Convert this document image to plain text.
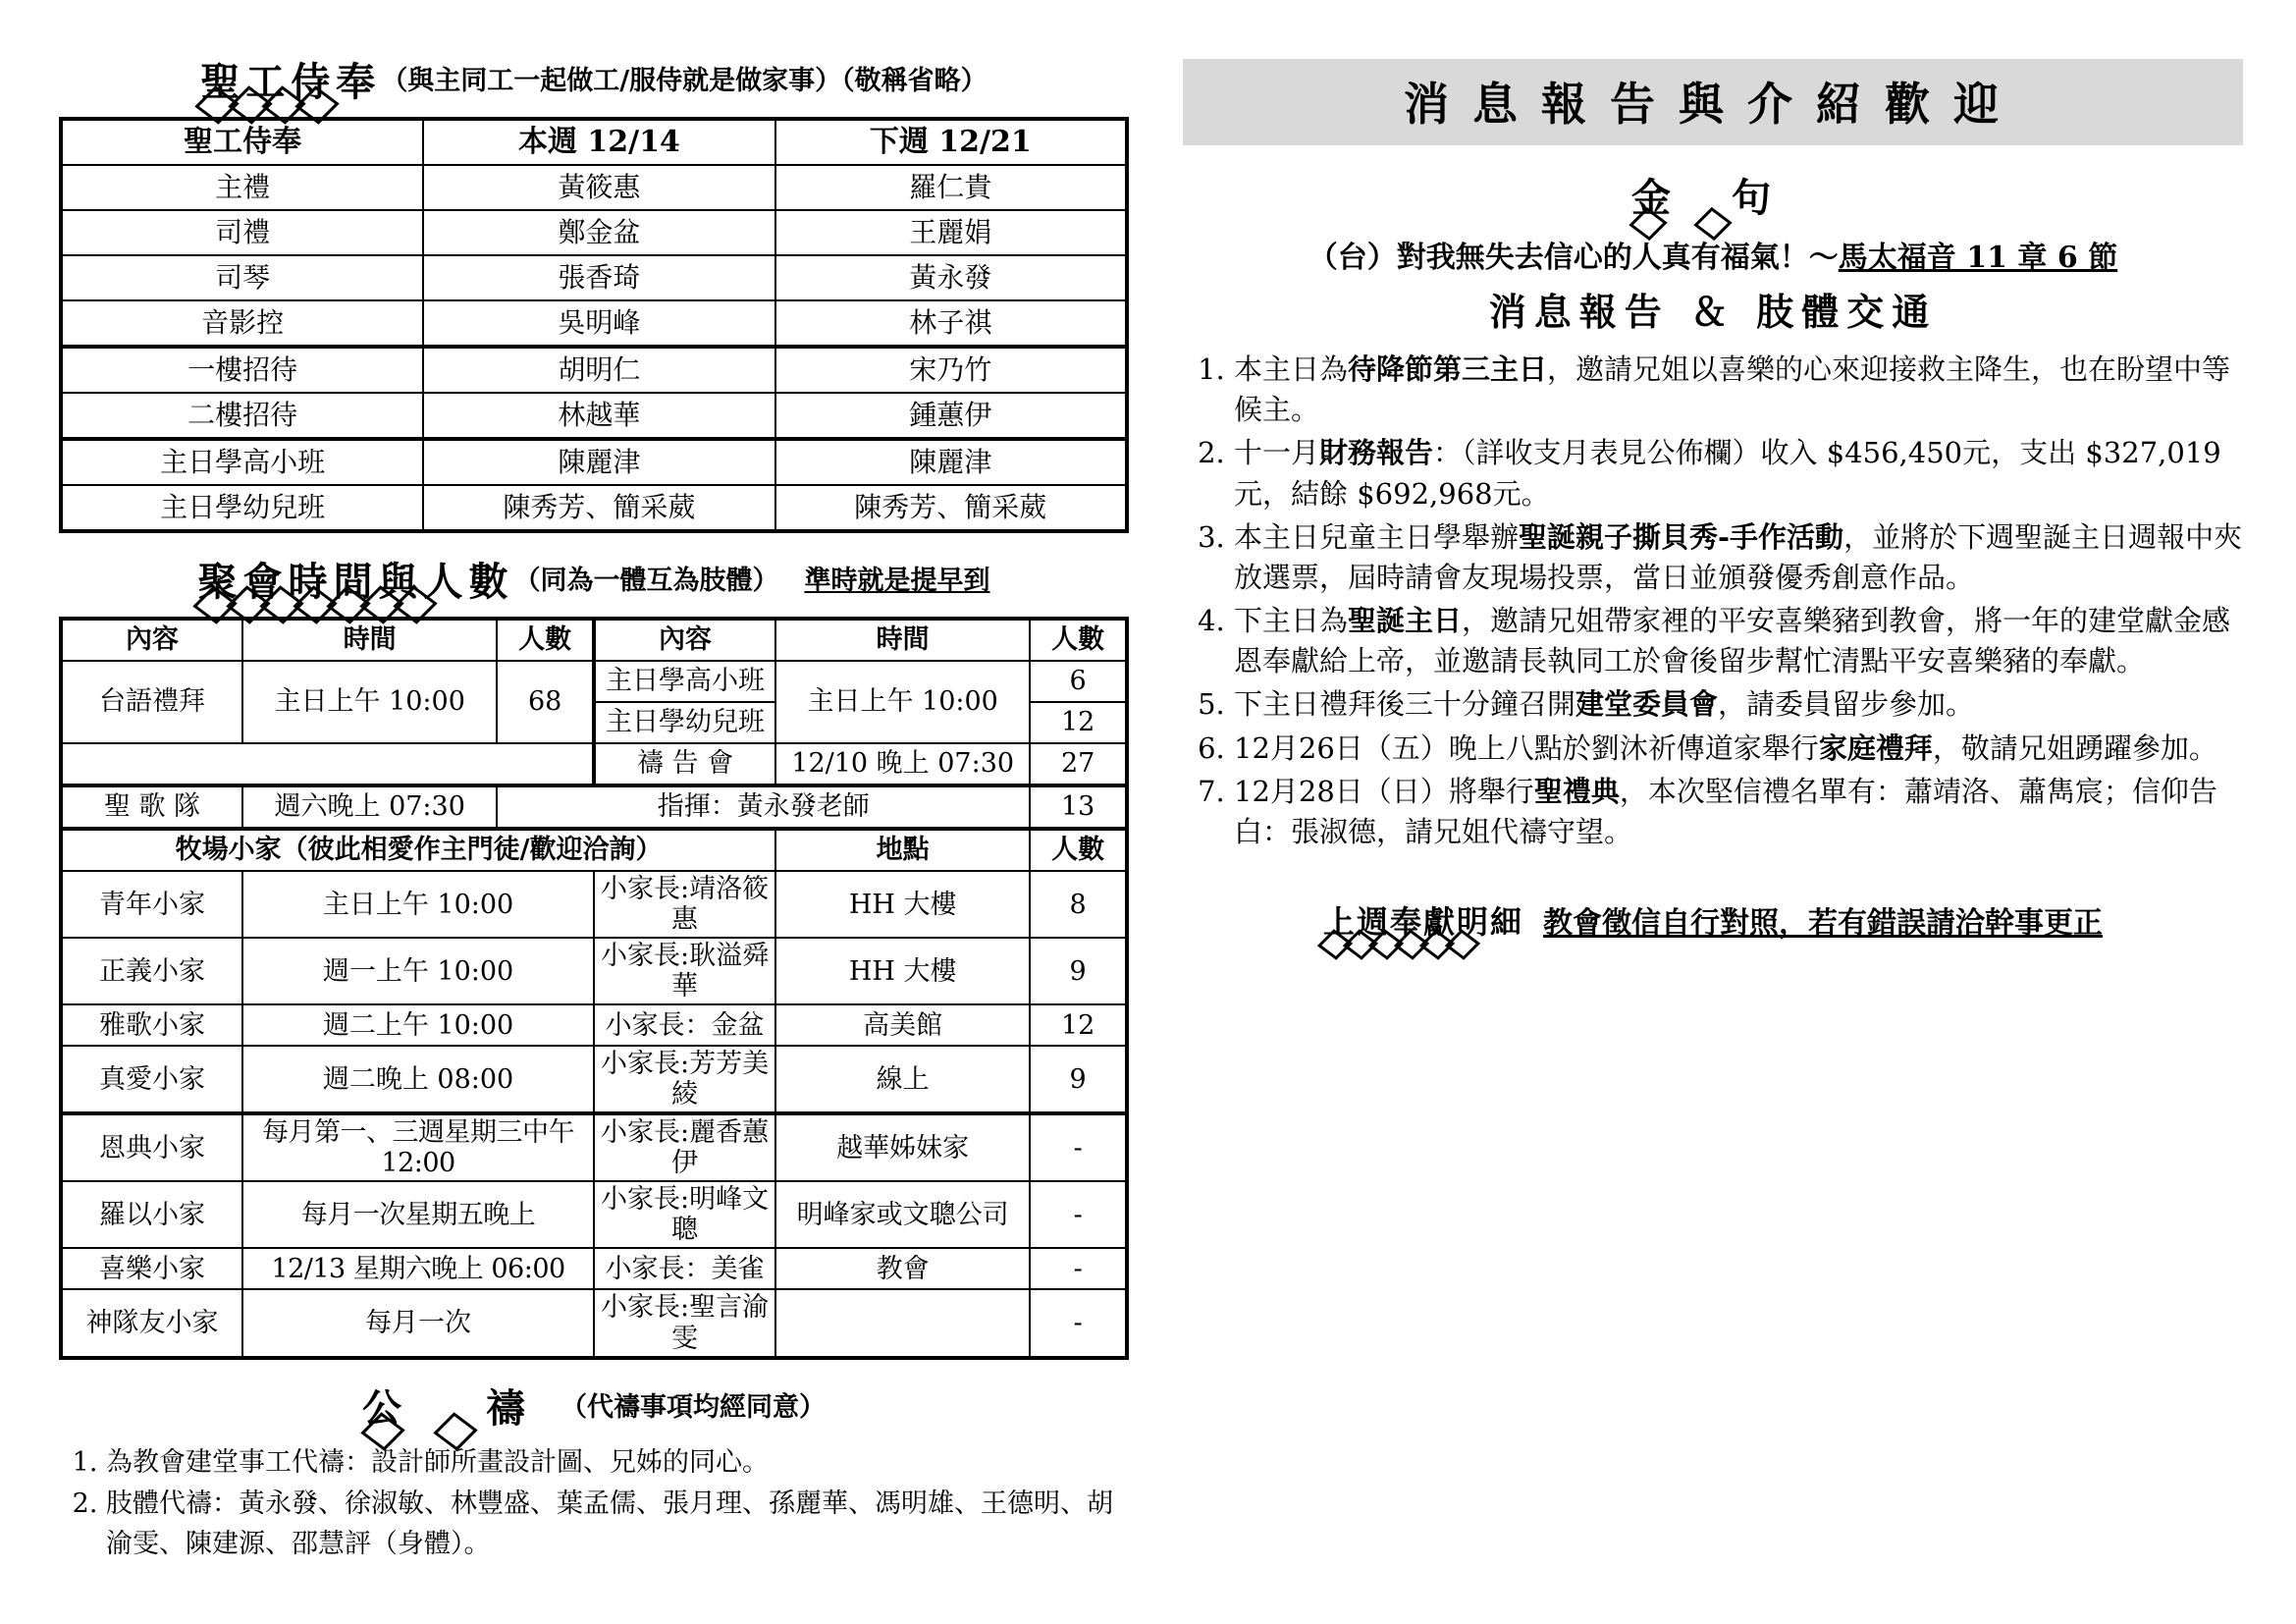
聖工侍奉
（與主同工一起做工/服侍就是做家事）（敬稱省略）
聖工侍奉	本週 12/14	下週 12/21
主禮	黃筱惠	羅仁貴
司禮	鄭金盆	王麗娟
司琴	張香琦	黃永發
音影控	吳明峰	林子祺
一樓招待	胡明仁	宋乃竹
二樓招待	林越華	鍾蕙伊
主日學高小班	陳麗津	陳麗津
主日學幼兒班	陳秀芳、簡采葳	陳秀芳、簡采葳
聚會時間與人數
（同為一體互為肢體） 準時就是提早到
內容	時間	人數	內容	時間	人數
台語禮拜	主日上午 10:00	68	主日學高小班	主日上午 10:00	6
			主日學幼兒班		12
			禱 告 會	12/10 晚上 07:30	27
聖 歌 隊	週六晚上 07:30	指揮：黃永發老師			13
牧場小家（彼此相愛作主門徒/歡迎洽詢）				地點	人數
青年小家	主日上午 10:00		小家長:靖洛筱惠	HH 大樓	8
正義小家	週一上午 10:00		小家長:耿溢舜華	HH 大樓	9
雅歌小家	週二上午 10:00		小家長：金盆	高美館	12
真愛小家	週二晚上 08:00		小家長:芳芳美綾	線上	9
恩典小家	每月第一、三週星期三中午 12:00		小家長:麗香蕙伊	越華姊妹家	-
羅以小家	每月一次星期五晚上		小家長:明峰文聰	明峰家或文聰公司	-
喜樂小家	12/13 星期六晚上 06:00		小家長：美雀	教會	-
神隊友小家	每月一次		小家長:聖言渝雯		-
公 禱
（代禱事項均經同意）
1. 為教會建堂事工代禱：設計師所畫設計圖、兄姊的同心。
2. 肢體代禱：黃永發、徐淑敏、林豐盛、葉孟儒、張月理、孫麗華、馮明雄、王德明、胡渝雯、陳建源、邵慧評（身體）。
消息報告與介紹歡迎
金 句
（台）對我無失去信心的人真有福氣！～馬太福音 11 章 6 節
消息報告 ＆ 肢體交通
1. 本主日為待降節第三主日，邀請兄姐以喜樂的心來迎接救主降生，也在盼望中等候主。
2. 十一月財務報告：（詳收支月表見公佈欄）收入 $456,450元，支出 $327,019元，結餘 $692,968元。
3. 本主日兒童主日學舉辦聖誕親子撕貝秀-手作活動，並將於下週聖誕主日週報中夾放選票，屆時請會友現場投票，當日並頒發優秀創意作品。
4. 下主日為聖誕主日，邀請兄姐帶家裡的平安喜樂豬到教會，將一年的建堂獻金感恩奉獻給上帝，並邀請長執同工於會後留步幫忙清點平安喜樂豬的奉獻。
5. 下主日禮拜後三十分鐘召開建堂委員會，請委員留步參加。
6. 12月26日（五）晚上八點於劉沐祈傳道家舉行家庭禮拜，敬請兄姐踴躍參加。
7. 12月28日（日）將舉行聖禮典，本次堅信禮名單有：蕭靖洛、蕭雋宸；信仰告白：張淑德，請兄姐代禱守望。
上週奉獻明細 教會徵信自行對照，若有錯誤請洽幹事更正
